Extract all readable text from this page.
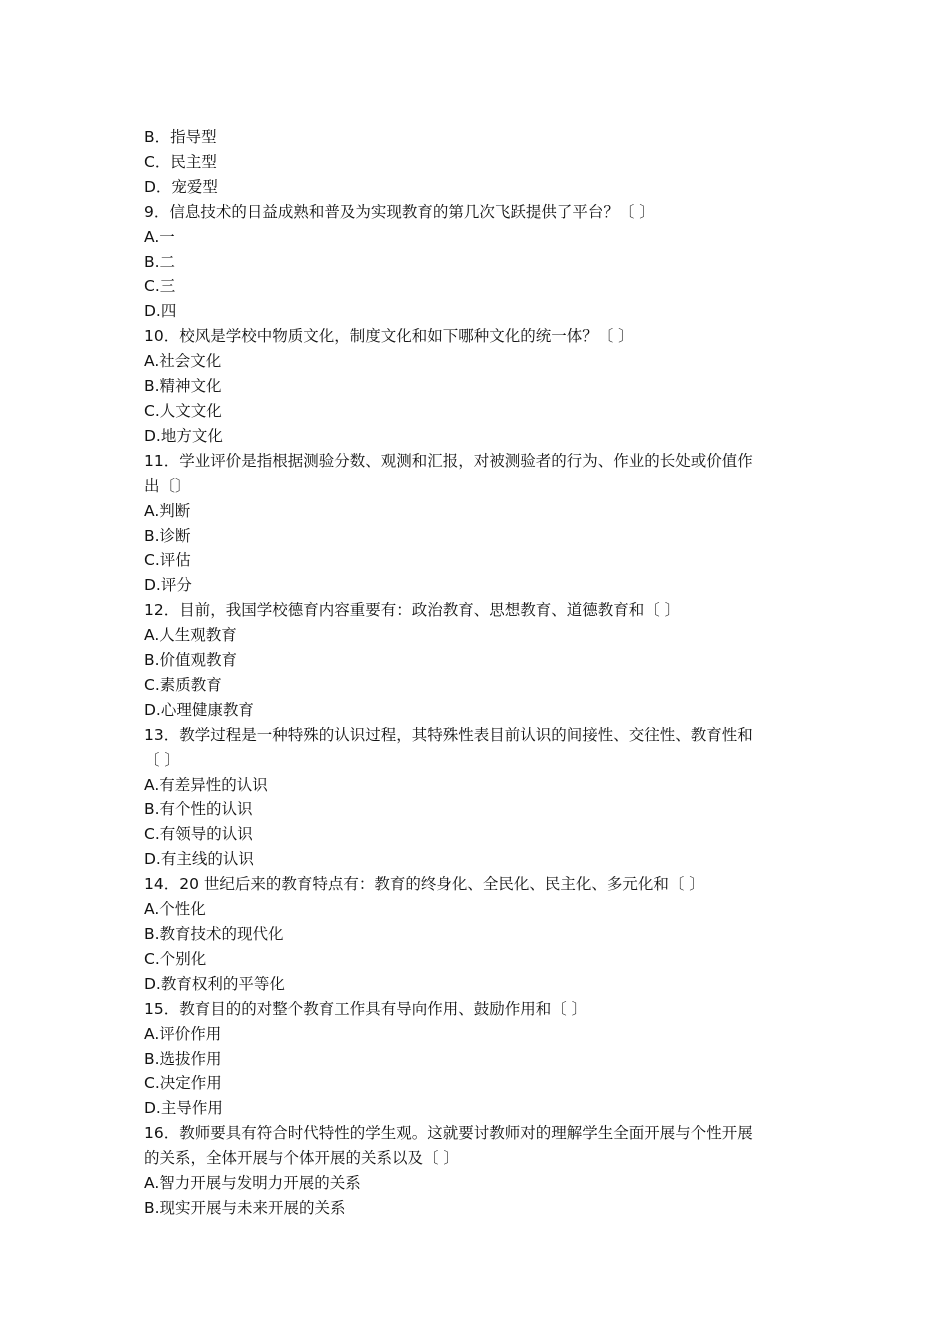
B．指导型
C．民主型
D．宠爱型
9．信息技术的日益成熟和普及为实现教育的第几次飞跃提供了平台？〔 〕
A.一
B.二
C.三
D.四
10．校风是学校中物质文化，制度文化和如下哪种文化的统一体？〔 〕
A.社会文化
B.精神文化
C.人文文化
D.地方文化
11．学业评价是指根据测验分数、观测和汇报，对被测验者的行为、作业的长处或价值作
出〔〕
A.判断
B.诊断
C.评估
D.评分
12．目前，我国学校德育内容重要有：政治教育、思想教育、道德教育和〔 〕
A.人生观教育
B.价值观教育
C.素质教育
D.心理健康教育
13．教学过程是一种特殊的认识过程，其特殊性表目前认识的间接性、交往性、教育性和
〔 〕
A.有差异性的认识
B.有个性的认识
C.有领导的认识
D.有主线的认识
14．20 世纪后来的教育特点有：教育的终身化、全民化、民主化、多元化和〔 〕
A.个性化
B.教育技术的现代化
C.个别化
D.教育权利的平等化
15．教育目的的对整个教育工作具有导向作用、鼓励作用和〔 〕
A.评价作用
B.选拔作用
C.决定作用
D.主导作用
16．教师要具有符合时代特性的学生观。这就要讨教师对的理解学生全面开展与个性开展
的关系，全体开展与个体开展的关系以及〔 〕
A.智力开展与发明力开展的关系
B.现实开展与未来开展的关系
